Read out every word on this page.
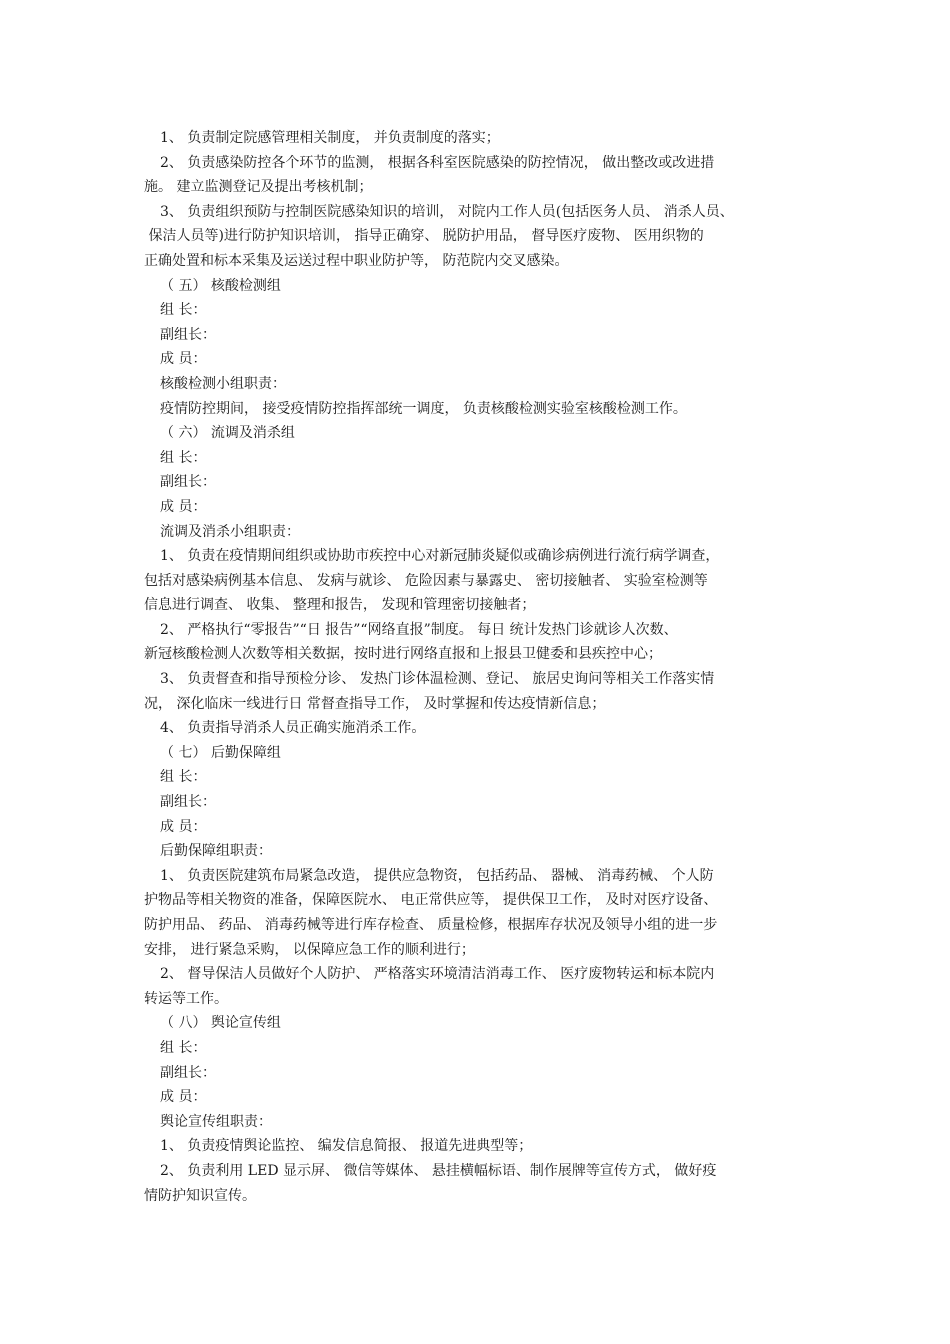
1、 负责制定院感管理相关制度， 并负责制度的落实；
2、 负责感染防控各个环节的监测， 根据各科室医院感染的防控情况， 做出整改或改进措
施。 建立监测登记及提出考核机制；
3、 负责组织预防与控制医院感染知识的培训， 对院内工作人员(包括医务人员、 消杀人员、
保洁人员等)进行防护知识培训， 指导正确穿、 脱防护用品， 督导医疗废物、 医用织物的
正确处置和标本采集及运送过程中职业防护等， 防范院内交叉感染。
（ 五） 核酸检测组
组 长：
副组长：
成 员：
核酸检测小组职责：
疫情防控期间， 接受疫情防控指挥部统一调度， 负责核酸检测实验室核酸检测工作。
（ 六） 流调及消杀组
组 长：
副组长：
成 员：
流调及消杀小组职责：
1、 负责在疫情期间组织或协助市疾控中心对新冠肺炎疑似或确诊病例进行流行病学调查，
包括对感染病例基本信息、 发病与就诊、 危险因素与暴露史、 密切接触者、 实验室检测等
信息进行调查、 收集、 整理和报告， 发现和管理密切接触者；
2、 严格执行“零报告”“日 报告”“网络直报”制度。 每日 统计发热门诊就诊人次数、
新冠核酸检测人次数等相关数据，按时进行网络直报和上报县卫健委和县疾控中心；
3、 负责督查和指导预检分诊、 发热门诊体温检测、登记、 旅居史询问等相关工作落实情
况， 深化临床一线进行日 常督查指导工作， 及时掌握和传达疫情新信息；
4、 负责指导消杀人员正确实施消杀工作。
（ 七） 后勤保障组
组 长：
副组长：
成 员：
后勤保障组职责：
1、 负责医院建筑布局紧急改造， 提供应急物资， 包括药品、 器械、 消毒药械、 个人防
护物品等相关物资的准备，保障医院水、 电正常供应等， 提供保卫工作， 及时对医疗设备、
防护用品、 药品、 消毒药械等进行库存检查、 质量检修，根据库存状况及领导小组的进一步
安排， 进行紧急采购， 以保障应急工作的顺利进行；
2、 督导保洁人员做好个人防护、 严格落实环境清洁消毒工作、 医疗废物转运和标本院内
转运等工作。
（ 八） 舆论宣传组
组 长：
副组长：
成 员：
舆论宣传组职责：
1、 负责疫情舆论监控、 编发信息简报、 报道先进典型等；
2、 负责利用 LED 显示屏、 微信等媒体、 悬挂横幅标语、制作展牌等宣传方式， 做好疫
情防护知识宣传。
